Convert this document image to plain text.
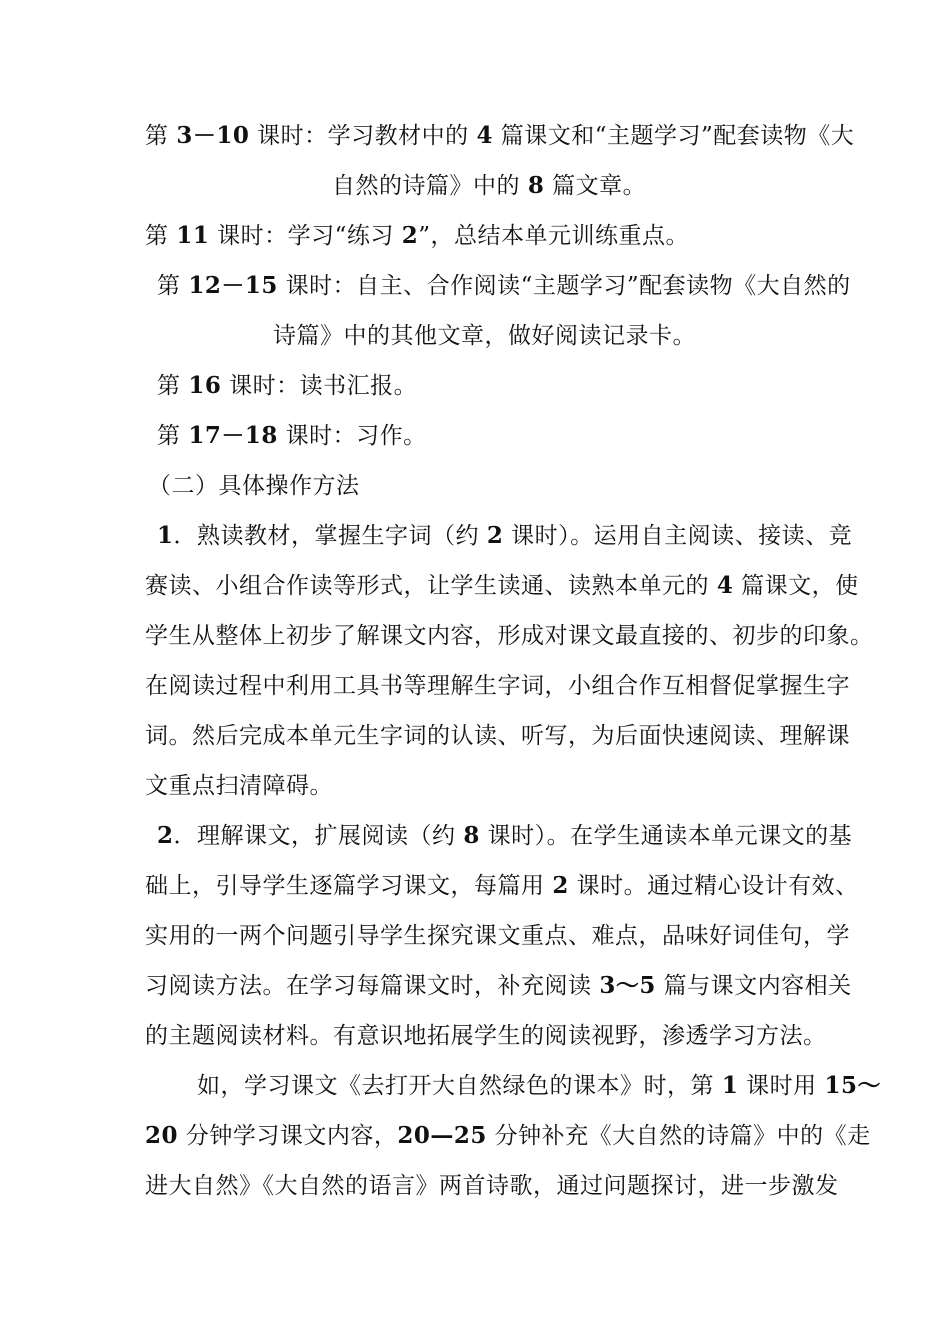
第 3－10 课时：学习教材中的 4 篇课文和“主题学习”配套读物《大
自然的诗篇》中的 8 篇文章。
第 11 课时：学习“练习 2”，总结本单元训练重点。
第 12－15 课时：自主、合作阅读“主题学习”配套读物《大自然的
诗篇》中的其他文章，做好阅读记录卡。
第 16 课时：读书汇报。
第 17－18 课时：习作。
（二）具体操作方法
1．熟读教材，掌握生字词（约 2 课时）。运用自主阅读、接读、竞
赛读、小组合作读等形式，让学生读通、读熟本单元的 4 篇课文，使
学生从整体上初步了解课文内容，形成对课文最直接的、初步的印象。
在阅读过程中利用工具书等理解生字词，小组合作互相督促掌握生字
词。然后完成本单元生字词的认读、听写，为后面快速阅读、理解课
文重点扫清障碍。
2．理解课文，扩展阅读（约 8 课时）。在学生通读本单元课文的基
础上，引导学生逐篇学习课文，每篇用 2 课时。通过精心设计有效、
实用的一两个问题引导学生探究课文重点、难点，品味好词佳句，学
习阅读方法。在学习每篇课文时，补充阅读 3～5 篇与课文内容相关
的主题阅读材料。有意识地拓展学生的阅读视野，渗透学习方法。
如，学习课文《去打开大自然绿色的课本》时，第 1 课时用 15～
20 分钟学习课文内容，20—25 分钟补充《大自然的诗篇》中的《走
进大自然》《大自然的语言》两首诗歌，通过问题探讨，进一步激发
